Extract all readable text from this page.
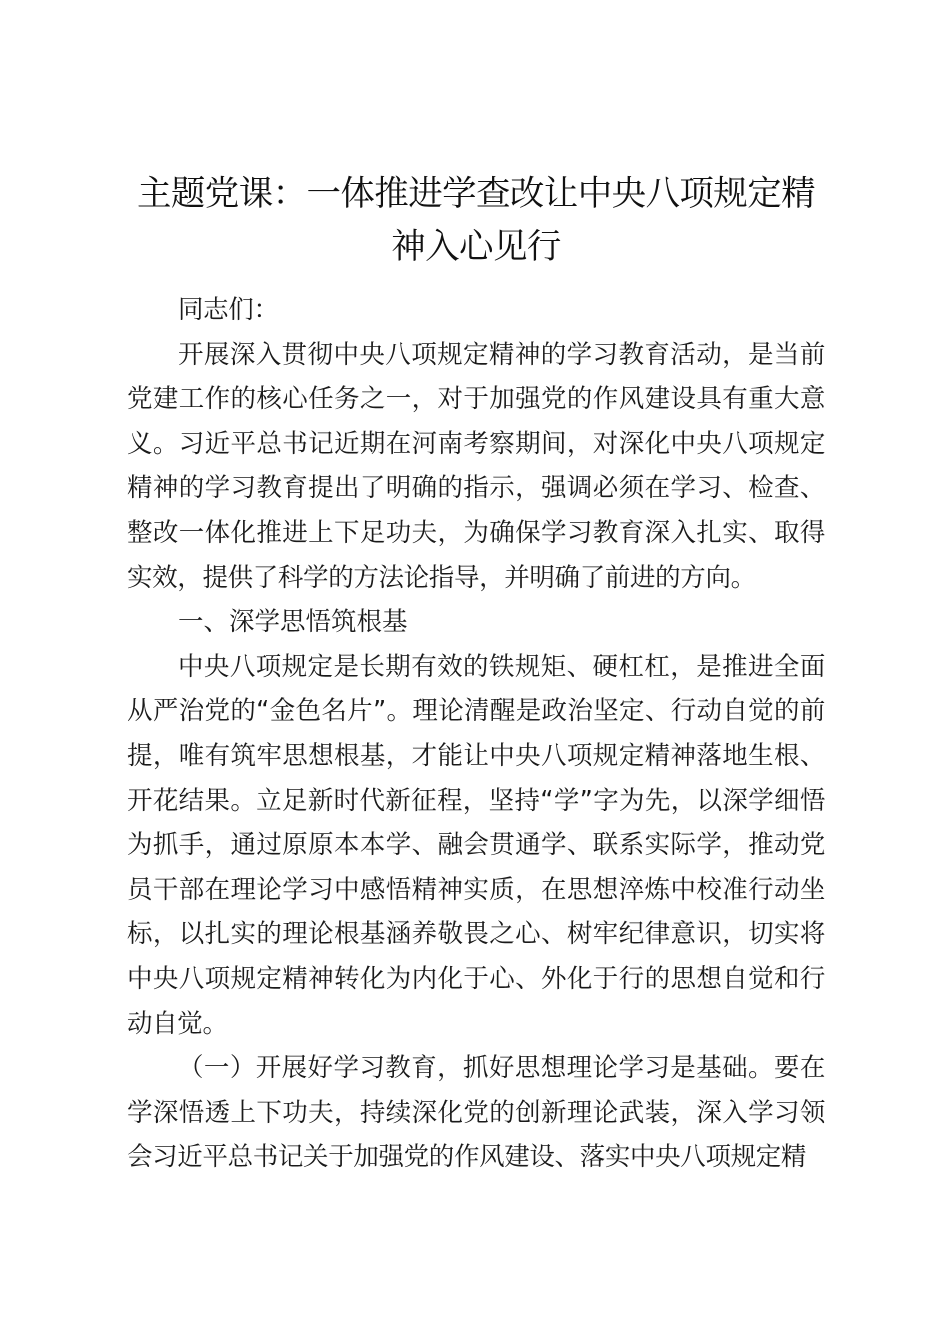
主题党课：一体推进学查改让中央八项规定精神入心见行

同志们：

开展深入贯彻中央八项规定精神的学习教育活动，是当前党建工作的核心任务之一，对于加强党的作风建设具有重大意义。习近平总书记近期在河南考察期间，对深化中央八项规定精神的学习教育提出了明确的指示，强调必须在学习、检查、整改一体化推进上下足功夫，为确保学习教育深入扎实、取得实效，提供了科学的方法论指导，并明确了前进的方向。

一、深学思悟筑根基

中央八项规定是长期有效的铁规矩、硬杠杠，是推进全面从严治党的“金色名片”。理论清醒是政治坚定、行动自觉的前提，唯有筑牢思想根基，才能让中央八项规定精神落地生根、开花结果。立足新时代新征程，坚持“学”字为先，以深学细悟为抓手，通过原原本本学、融会贯通学、联系实际学，推动党员干部在理论学习中感悟精神实质，在思想淬炼中校准行动坐标，以扎实的理论根基涵养敬畏之心、树牢纪律意识，切实将中央八项规定精神转化为内化于心、外化于行的思想自觉和行动自觉。

（一）开展好学习教育，抓好思想理论学习是基础。要在学深悟透上下功夫，持续深化党的创新理论武装，深入学习领会习近平总书记关于加强党的作风建设、落实中央八项规定精
